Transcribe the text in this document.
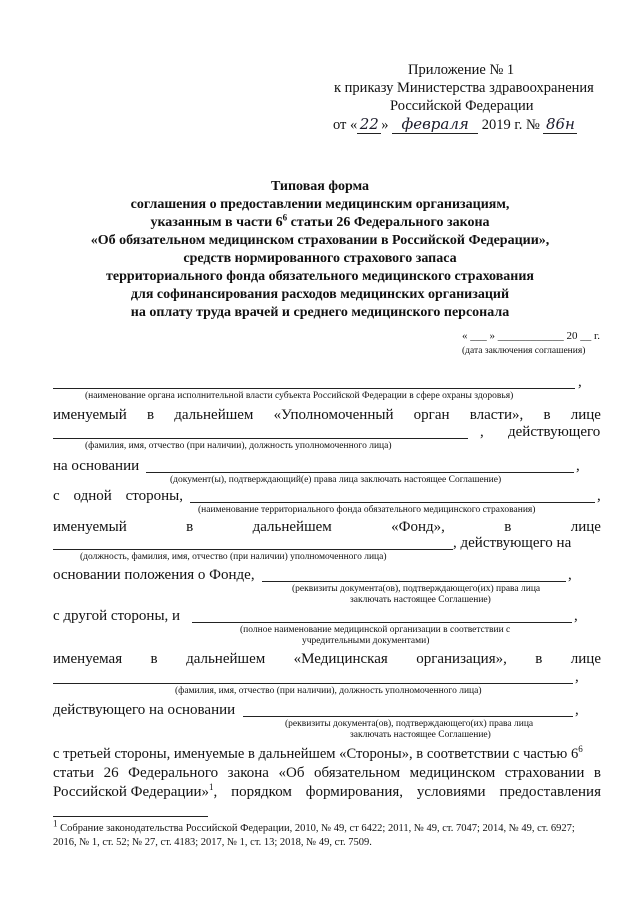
Приложение № 1
к приказу Министерства здравоохранения
Российской Федерации
от « 22 » февраля 2019 г. № 86н
Типовая форма
соглашения о предоставлении медицинским организациям,
указанным в части $6^6$ статьи 26 Федерального закона
«Об обязательном медицинском страховании в Российской Федерации»,
средств нормированного страхового запаса
территориального фонда обязательного медицинского страхования
для софинансирования расходов медицинских организаций
на оплату труда врачей и среднего медицинского персонала
« ___ » ____________ 20 __ г.
(дата заключения соглашения)
,
(наименование органа исполнительной власти субъекта Российской Федерации в сфере охраны здоровья)
именуемый в дальнейшем «Уполномоченный орган власти», в лице
, действующего
(фамилия, имя, отчество (при наличии), должность уполномоченного лица)
на основании	,
(документ(ы), подтверждающий(е) права лица заключать настоящее Соглашение)
с одной стороны,	,
(наименование территориального фонда обязательного медицинского страхования)
именуемый	в	дальнейшем	«Фонд»,	в	лице
, действующего на
(должность, фамилия, имя, отчество (при наличии) уполномоченного лица)
основании положения о Фонде,	,
(реквизиты документа(ов), подтверждающего(их) права лица
заключать настоящее Соглашение)
с другой стороны, и	,
(полное наименование медицинской организации в соответствии с
учредительными документами)
именуемая в дальнейшем «Медицинская организация», в лице
,
(фамилия, имя, отчество (при наличии), должность уполномоченного лица)
действующего на основании	,
(реквизиты документа(ов), подтверждающего(их) права лица
заключать настоящее Соглашение)
с третьей стороны, именуемые в дальнейшем «Стороны», в соответствии с частью $6^6$
статьи 26 Федерального закона «Об обязательном медицинском страховании в
Российской Федерации»$^1$, порядком формирования, условиями предоставления
$^1$ Собрание законодательства Российской Федерации, 2010, № 49, ст 6422; 2011, № 49, ст. 7047; 2014, № 49, ст. 6927;
2016, № 1, ст. 52; № 27, ст. 4183; 2017, № 1, ст. 13; 2018, № 49, ст. 7509.
